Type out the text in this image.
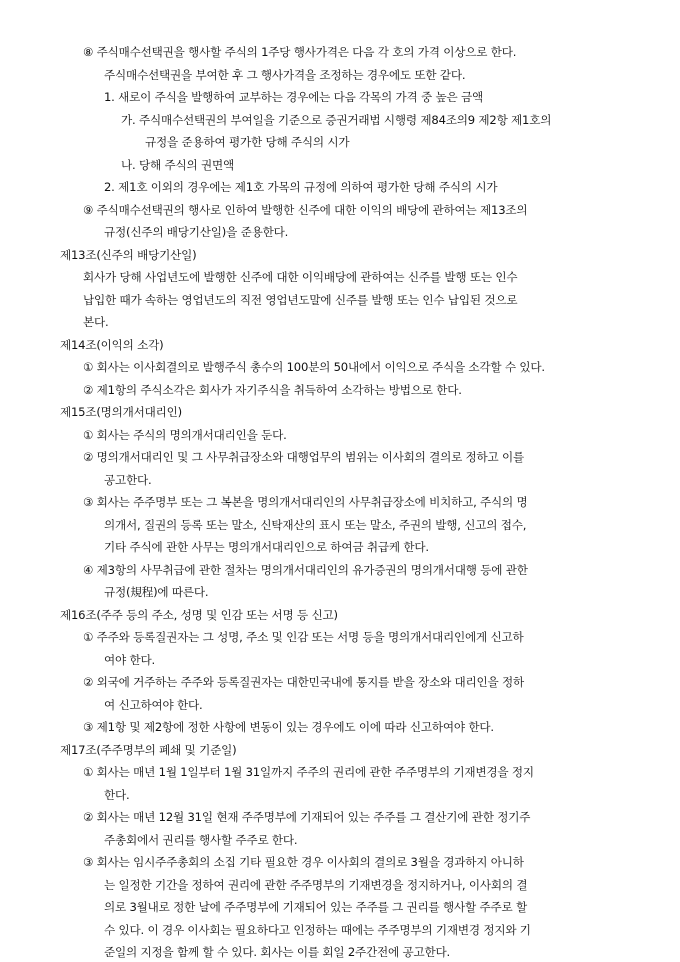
⑧ 주식매수선택권을 행사할 주식의 1주당 행사가격은 다음 각 호의 가격 이상으로 한다.
주식매수선택권을 부여한 후 그 행사가격을 조정하는 경우에도 또한 같다.
1. 새로이 주식을 발행하여 교부하는 경우에는 다음 각목의 가격 중 높은 금액
가. 주식매수선택권의 부여일을 기준으로 증권거래법 시행령 제84조의9 제2항 제1호의
규정을 준용하여 평가한 당해 주식의 시가
나. 당해 주식의 권면액
2. 제1호 이외의 경우에는 제1호 가목의 규정에 의하여 평가한 당해 주식의 시가
⑨ 주식매수선택권의 행사로 인하여 발행한 신주에 대한 이익의 배당에 관하여는 제13조의
규정(신주의 배당기산일)을 준용한다.
제13조(신주의 배당기산일)
회사가 당해 사업년도에 발행한 신주에 대한 이익배당에 관하여는 신주를 발행 또는 인수
납입한 때가 속하는 영업년도의 직전 영업년도말에 신주를 발행 또는 인수 납입된 것으로
본다.
제14조(이익의 소각)
① 회사는 이사회결의로 발행주식 총수의 100분의 50내에서 이익으로 주식을 소각할 수 있다.
② 제1항의 주식소각은 회사가 자기주식을 취득하여 소각하는 방법으로 한다.
제15조(명의개서대리인)
① 회사는 주식의 명의개서대리인을 둔다.
② 명의개서대리인 및 그 사무취급장소와 대행업무의 범위는 이사회의 결의로 정하고 이를
공고한다.
③ 회사는 주주명부 또는 그 복본을 명의개서대리인의 사무취급장소에 비치하고, 주식의 명
의개서, 질권의 등록 또는 말소, 신탁재산의 표시 또는 말소, 주권의 발행, 신고의 접수,
기타 주식에 관한 사무는 명의개서대리인으로 하여금 취급케 한다.
④ 제3항의 사무취급에 관한 절차는 명의개서대리인의 유가증권의 명의개서대행 등에 관한
규정(規程)에 따른다.
제16조(주주 등의 주소, 성명 및 인감 또는 서명 등 신고)
① 주주와 등록질권자는 그 성명, 주소 및 인감 또는 서명 등을 명의개서대리인에게 신고하
여야 한다.
② 외국에 거주하는 주주와 등록질권자는 대한민국내에 통지를 받을 장소와 대리인을 정하
여 신고하여야 한다.
③ 제1항 및 제2항에 정한 사항에 변동이 있는 경우에도 이에 따라 신고하여야 한다.
제17조(주주명부의 폐쇄 및 기준일)
① 회사는 매년 1월 1일부터 1월 31일까지 주주의 권리에 관한 주주명부의 기재변경을 정지
한다.
② 회사는 매년 12월 31일 현재 주주명부에 기재되어 있는 주주를 그 결산기에 관한 정기주
주총회에서 권리를 행사할 주주로 한다.
③ 회사는 임시주주총회의 소집 기타 필요한 경우 이사회의 결의로 3월을 경과하지 아니하
는 일정한 기간을 정하여 권리에 관한 주주명부의 기재변경을 정지하거나, 이사회의 결
의로 3월내로 정한 날에 주주명부에 기재되어 있는 주주를 그 권리를 행사할 주주로 할
수 있다. 이 경우 이사회는 필요하다고 인정하는 때에는 주주명부의 기재변경 정지와 기
준일의 지정을 함께 할 수 있다. 회사는 이를 회일 2주간전에 공고한다.
